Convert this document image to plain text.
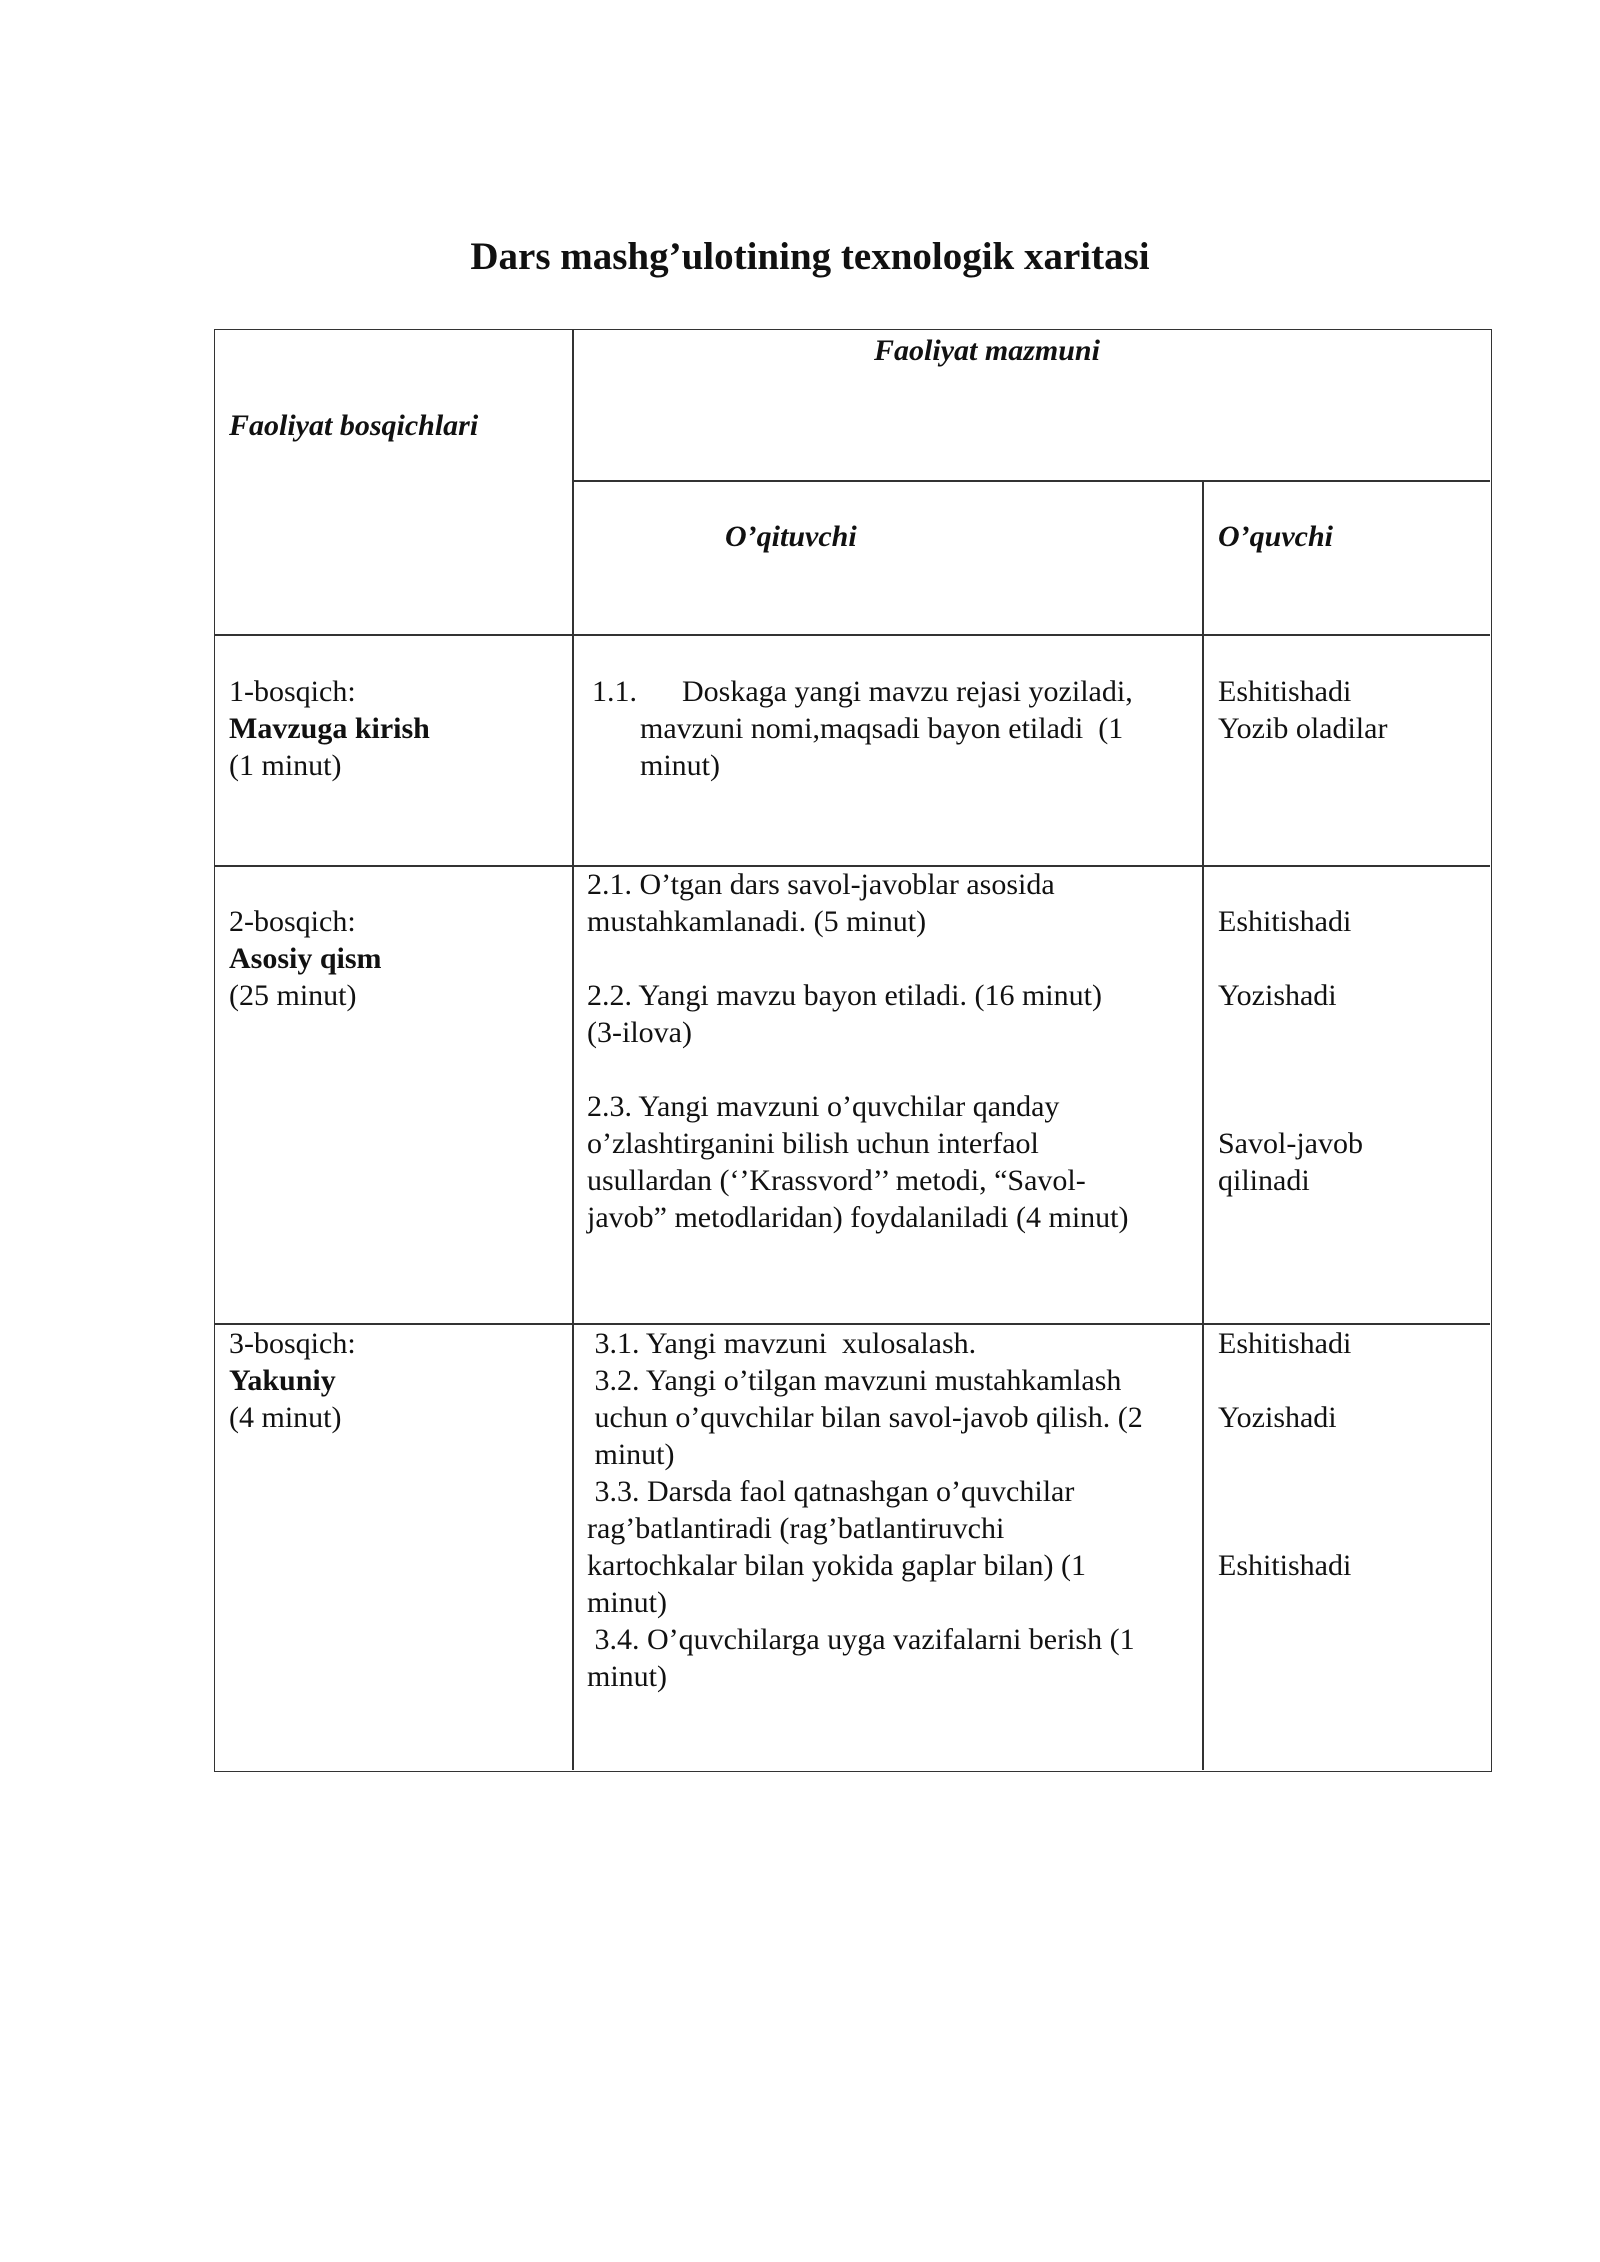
Dars mashg’ulotining texnologik xaritasi
Faoliyat bosqichlari
Faoliyat mazmuni
O’qituvchi	O’quvchi
1-bosqich:
Mavzuga kirish
(1 minut)
1.1.      Doskaga yangi mavzu rejasi yoziladi,
mavzuni nomi,maqsadi bayon etiladi  (1
minut)
Eshitishadi
Yozib oladilar
2-bosqich:
Asosiy qism
(25 minut)
2.1. O’tgan dars savol-javoblar asosida
mustahkamlanadi. (5 minut)
2.2. Yangi mavzu bayon etiladi. (16 minut)
(3-ilova)
2.3. Yangi mavzuni o’quvchilar qanday
o’zlashtirganini bilish uchun interfaol
usullardan (‘’Krassvord’’ metodi, “Savol-
javob” metodlaridan) foydalaniladi (4 minut)
Eshitishadi
Yozishadi
Savol-javob
qilinadi
3-bosqich:
Yakuniy
(4 minut)
3.1. Yangi mavzuni  xulosalash.
3.2. Yangi o’tilgan mavzuni mustahkamlash
uchun o’quvchilar bilan savol-javob qilish. (2
minut)
3.3. Darsda faol qatnashgan o’quvchilar
rag’batlantiradi (rag’batlantiruvchi
kartochkalar bilan yokida gaplar bilan) (1
minut)
3.4. O’quvchilarga uyga vazifalarni berish (1
minut)
Eshitishadi
Yozishadi
Eshitishadi
